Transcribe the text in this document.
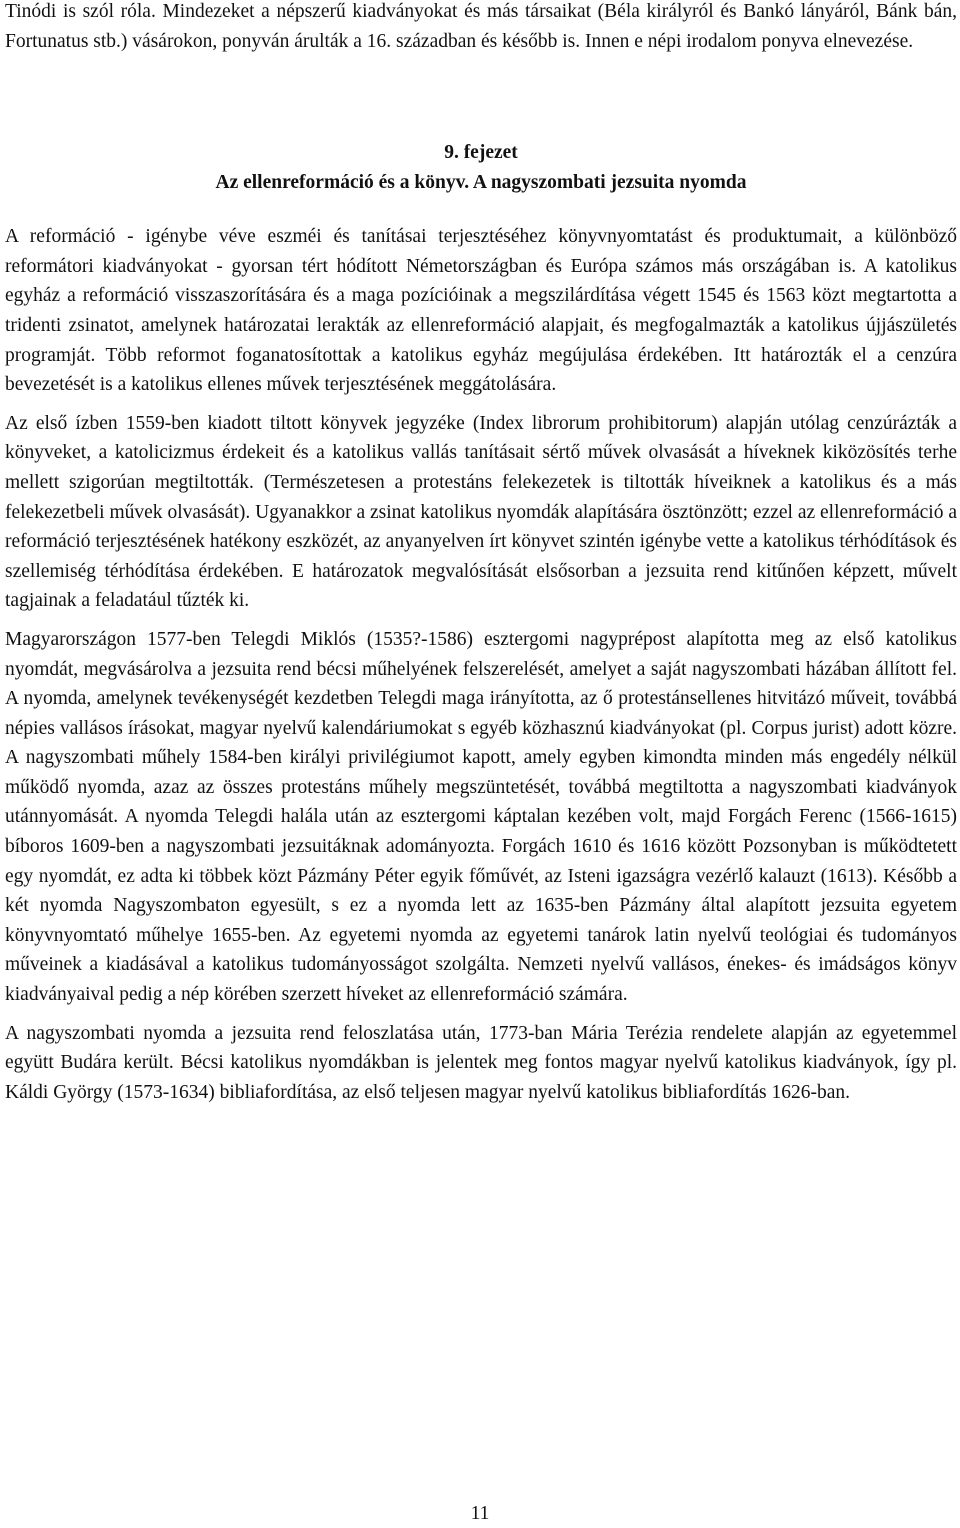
Tinódi is szól róla. Mindezeket a népszerű kiadványokat és más társaikat (Béla királyról és Bankó lányáról, Bánk bán, Fortunatus stb.) vásárokon, ponyván árulták a 16. században és később is. Innen e népi irodalom ponyva elnevezése.

9. fejezet
Az ellenreformáció és a könyv. A nagyszombati jezsuita nyomda

A reformáció - igénybe véve eszméi és tanításai terjesztéséhez könyvnyomtatást és produktumait, a különböző reformátori kiadványokat - gyorsan tért hódított Németországban és Európa számos más országában is. A katolikus egyház a reformáció visszaszorítására és a maga pozícióinak a megszilárdítása végett 1545 és 1563 közt megtartotta a tridenti zsinatot, amelynek határozatai lerakták az ellenreformáció alapjait, és megfogalmazták a katolikus újjászületés programját. Több reformot foganatosítottak a katolikus egyház megújulása érdekében. Itt határozták el a cenzúra bevezetését is a katolikus ellenes művek terjesztésének meggátolására.

Az első ízben 1559-ben kiadott tiltott könyvek jegyzéke (Index librorum prohibitorum) alapján utólag cenzúrázták a könyveket, a katolicizmus érdekeit és a katolikus vallás tanításait sértő művek olvasását a híveknek kiközösítés terhe mellett szigorúan megtiltották. (Természetesen a protestáns felekezetek is tiltották híveiknek a katolikus és a más felekezetbeli művek olvasását). Ugyanakkor a zsinat katolikus nyomdák alapítására ösztönzött; ezzel az ellenreformáció a reformáció terjesztésének hatékony eszközét, az anyanyelven írt könyvet szintén igénybe vette a katolikus térhódítások és szellemiség térhódítása érdekében. E határozatok megvalósítását elsősorban a jezsuita rend kitűnően képzett, művelt tagjainak a feladatául tűzték ki.

Magyarországon 1577-ben Telegdi Miklós (1535?-1586) esztergomi nagyprépost alapította meg az első katolikus nyomdát, megvásárolva a jezsuita rend bécsi műhelyének felszerelését, amelyet a saját nagyszombati házában állított fel. A nyomda, amelynek tevékenységét kezdetben Telegdi maga irányította, az ő protestánsellenes hitvitázó műveit, továbbá népies vallásos írásokat, magyar nyelvű kalendáriumokat s egyéb közhasznú kiadványokat (pl. Corpus jurist) adott közre. A nagyszombati műhely 1584-ben királyi privilégiumot kapott, amely egyben kimondta minden más engedély nélkül működő nyomda, azaz az összes protestáns műhely megszüntetését, továbbá megtiltotta a nagyszombati kiadványok utánnyomását. A nyomda Telegdi halála után az esztergomi káptalan kezében volt, majd Forgách Ferenc (1566-1615) bíboros 1609-ben a nagyszombati jezsuitáknak adományozta. Forgách 1610 és 1616 között Pozsonyban is működtetett egy nyomdát, ez adta ki többek közt Pázmány Péter egyik főművét, az Isteni igazságra vezérlő kalauzt (1613). Később a két nyomda Nagyszombaton egyesült, s ez a nyomda lett az 1635-ben Pázmány által alapított jezsuita egyetem könyvnyomtató műhelye 1655-ben. Az egyetemi nyomda az egyetemi tanárok latin nyelvű teológiai és tudományos műveinek a kiadásával a katolikus tudományosságot szolgálta. Nemzeti nyelvű vallásos, énekes- és imádságos könyv kiadványaival pedig a nép körében szerzett híveket az ellenreformáció számára.

A nagyszombati nyomda a jezsuita rend feloszlatása után, 1773-ban Mária Terézia rendelete alapján az egyetemmel együtt Budára került. Bécsi katolikus nyomdákban is jelentek meg fontos magyar nyelvű katolikus kiadványok, így pl. Káldi György (1573-1634) bibliafordítása, az első teljesen magyar nyelvű katolikus bibliafordítás 1626-ban.

11
